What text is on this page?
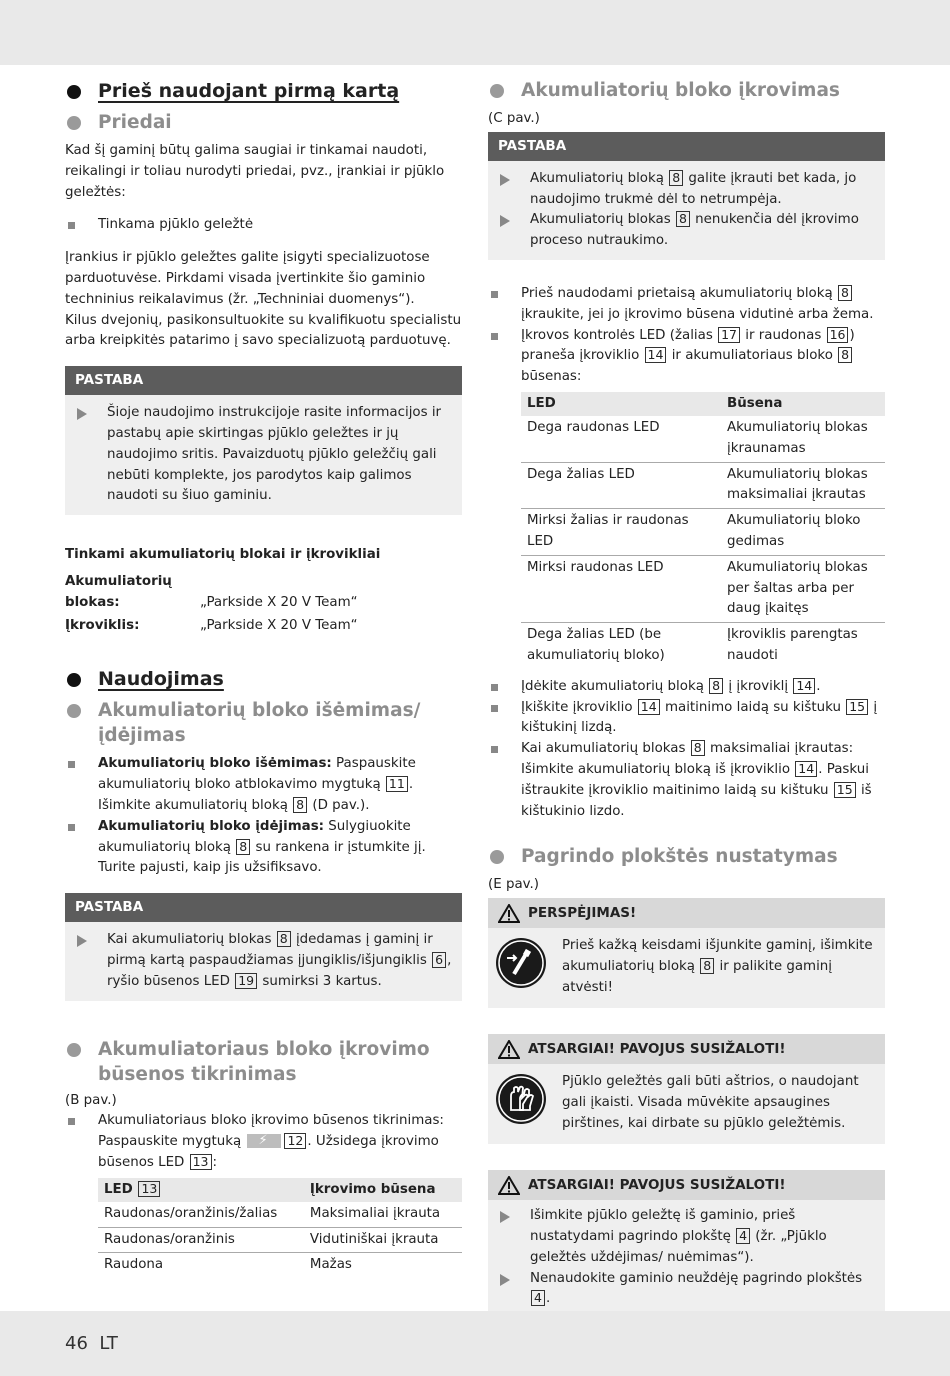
Prieš naudojant pirmą kartą
Priedai

Kad šį gaminį būtų galima saugiai ir tinkamai naudoti, reikalingi ir toliau nurodyti priedai, pvz., įrankiai ir pjūklo geležtės:

Tinkama pjūklo geležtė

Įrankius ir pjūklo geležtes galite įsigyti specializuotose parduotuvėse. Pirkdami visada įvertinkite šio gaminio techninius reikalavimus (žr. „Techniniai duomenys“).

Kilus dvejonių, pasikonsultuokite su kvalifikuotu specialistu arba kreipkitės patarimo į savo specializuotą parduotuvę.

PASTABA

Šioje naudojimo instrukcijoje rasite informacijos ir pastabų apie skirtingas pjūklo geležtes ir jų naudojimo sritis. Pavaizduotų pjūklo geležčių gali nebūti komplekte, jos parodytos kaip galimos naudoti su šiuo gaminiu.

Tinkami akumuliatorių blokai ir įkrovikliai

Akumuliatorių

blokas:	„Parkside X 20 V Team“

Įkroviklis:	„Parkside X 20 V Team“

Naudojimas
Akumuliatorių bloko išėmimas/ įdėjimas

Akumuliatorių bloko išėmimas: Paspauskite akumuliatorių bloko atblokavimo mygtuką 11 . Išimkite akumuliatorių bloką 8 (D pav.).

Akumuliatorių bloko įdėjimas: Sulygiuokite akumuliatorių bloką 8 su rankena ir įstumkite jį. Turite pajusti, kaip jis užsifiksavo.

PASTABA

Kai akumuliatorių blokas 8 įdedamas į gaminį ir pirmą kartą paspaudžiamas įjungiklis/išjungiklis 6 , ryšio būsenos LED 19 sumirksi 3 kartus.

Akumuliatoriaus bloko įkrovimo būsenos tikrinimas

(B pav.)

Akumuliatoriaus bloko įkrovimo būsenos tikrinimas: Paspauskite mygtuką ⚡	12 . Užsidega įkrovimo būsenos LED 13 :

LED 13	Įkrovimo būsena
Raudonas/oranžinis/žalias	Maksimaliai įkrauta
Raudonas/oranžinis	Vidutiniškai įkrauta
Raudona	Mažas
Akumuliatorių bloko įkrovimas

(C pav.)

PASTABA

Akumuliatorių bloką 8 galite įkrauti bet kada, jo naudojimo trukmė dėl to netrumpėja.

Akumuliatorių blokas 8 nenukenčia dėl įkrovimo proceso nutraukimo.

Prieš naudodami prietaisą akumuliatorių bloką 8 įkraukite, jei jo įkrovimo būsena vidutinė arba žema.

Įkrovos kontrolės LED (žalias 17 ir raudonas 16 ) praneša įkroviklio 14 ir akumuliatoriaus bloko 8 būsenas:

LED	Būsena
Dega raudonas LED	Akumuliatorių blokas įkraunamas
Dega žalias LED	Akumuliatorių blokas maksimaliai įkrautas
Mirksi žalias ir raudonas LED	Akumuliatorių bloko gedimas
Mirksi raudonas LED	Akumuliatorių blokas per šaltas arba per daug įkaitęs
Dega žalias LED (be akumuliatorių bloko)	Įkroviklis parengtas naudoti

Įdėkite akumuliatorių bloką 8 į įkroviklį 14 .

Įkiškite įkroviklio 14 maitinimo laidą su kištuku 15 į kištukinį lizdą.

Kai akumuliatorių blokas 8 maksimaliai įkrautas: Išimkite akumuliatorių bloką iš įkroviklio 14 . Paskui ištraukite įkroviklio maitinimo laidą su kištuku 15 iš kištukinio lizdo.

Pagrindo plokštės nustatymas

(E pav.)

PERSPĖJIMAS!

Prieš kažką keisdami išjunkite gaminį, išimkite akumuliatorių bloką 8 ir palikite gaminį atvėsti!

ATSARGIAI! PAVOJUS SUSIŽALOTI!

Pjūklo geležtės gali būti aštrios, o naudojant gali įkaisti. Visada mūvėkite apsaugines pirštines, kai dirbate su pjūklo geležtėmis.

ATSARGIAI! PAVOJUS SUSIŽALOTI!

Išimkite pjūklo geležtę iš gaminio, prieš nustatydami pagrindo plokštę 4 (žr. „Pjūklo geležtės uždėjimas/ nuėmimas“).

Nenaudokite gaminio neuždėję pagrindo plokštės 4 .

46 LT
